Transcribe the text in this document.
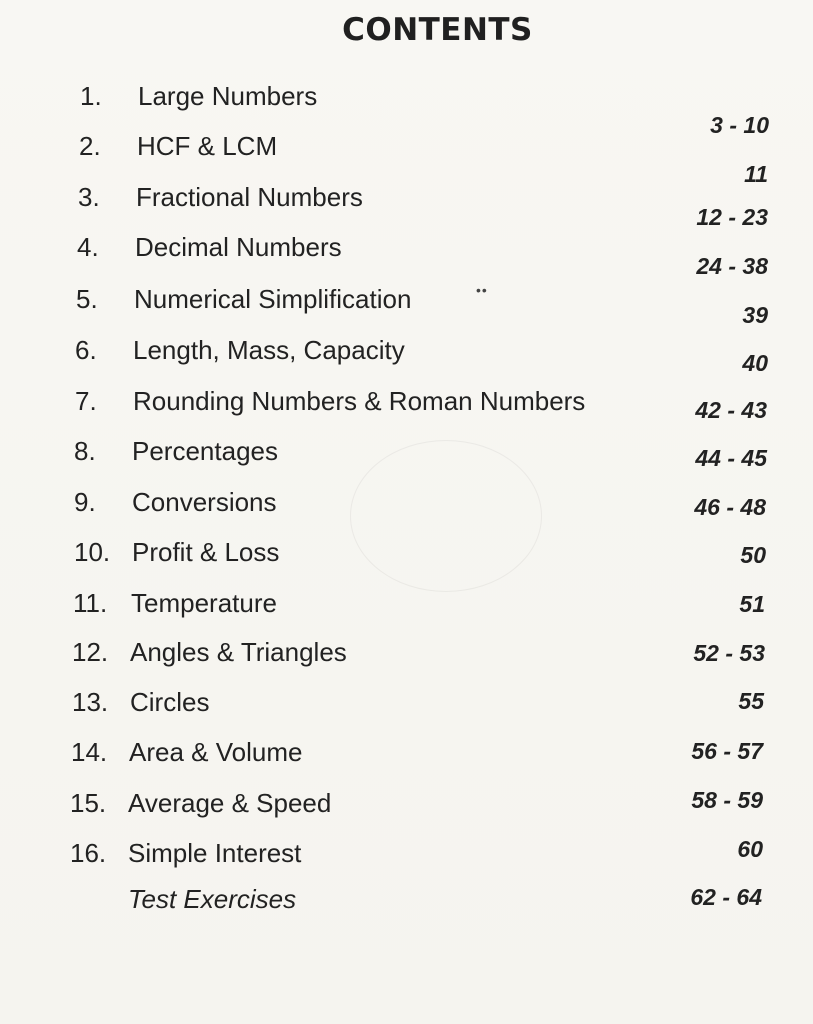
CONTENTS
••
1. Large Numbers
2. HCF & LCM
3. Fractional Numbers
4. Decimal Numbers
5. Numerical Simplification
6. Length, Mass, Capacity
7. Rounding Numbers & Roman Numbers
8. Percentages
9. Conversions
10. Profit & Loss
11. Temperature
12. Angles & Triangles
13. Circles
14. Area & Volume
15. Average & Speed
16. Simple Interest
Test Exercises
3 - 10
11
12 - 23
24 - 38
39
40
42 - 43
44 - 45
46 - 48
50
51
52 - 53
55
56 - 57
58 - 59
60
62 - 64
